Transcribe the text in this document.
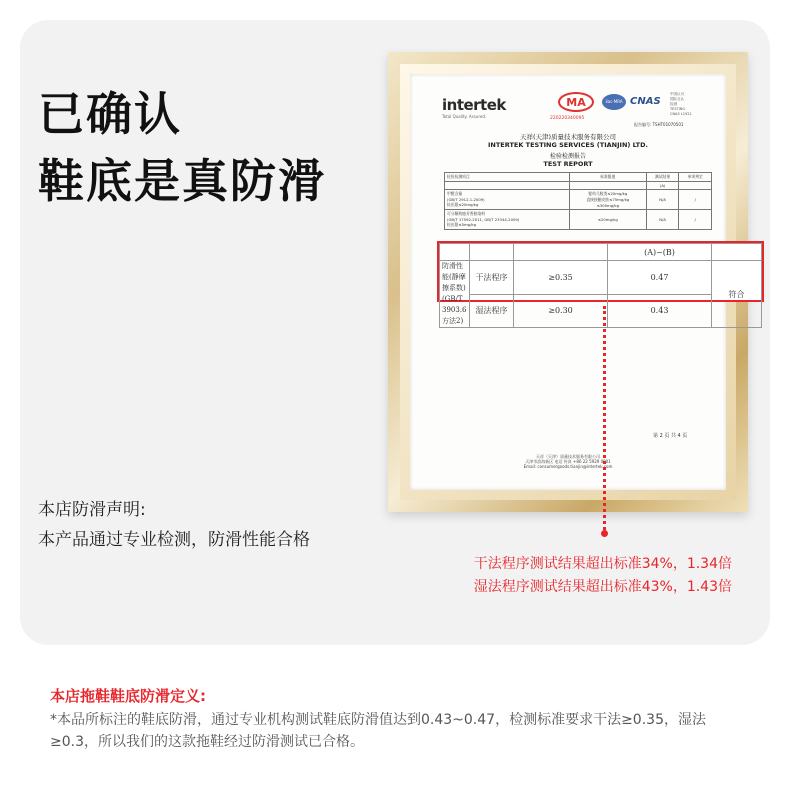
已确认
鞋底是真防滑
intertek
Total Quality. Assured.
MA
220220340095
ilac-MRA CNAS
中国认可
国际互认
检测
TESTING
CNAS L1921
报告编号: TSHT01070501
天祥(天津)质量技术服务有限公司
INTERTEK TESTING SERVICES (TIANJIN) LTD.
检验检测报告
TEST REPORT
检验检测项目	标准限值	测试结果	单项判定
		(A)	
甲醛含量
(GB/T 2912.1-2009)
检出限≤20mg/kg	婴幼儿鞋类≤20mg/kg
直接接触皮肤≤75mg/kg
≤300mg/kg	N/A	/
可分解致癌芳香胺染料
(GB/T 17592-2011, GB/T 23344-2009)
检出限≤5mg/kg	≤20mg/kg	N/A	/
第 2 页 共 4 页
天祥（天津）质量技术服务有限公司
天津市滨海新区 电话 传真 +86 22 5929 0001
Email: consumergoods.tianjin@intertek.com
			(A)~(B)	
防滑性能(静摩擦系数)
(GB/T 3903.6 方法2)	干法程序	≥0.35	0.47	符合
	湿法程序	≥0.30	0.43	
干法程序测试结果超出标准34%，1.34倍
湿法程序测试结果超出标准43%，1.43倍
本店防滑声明:
本产品通过专业检测，防滑性能合格
本店拖鞋鞋底防滑定义:
*本品所标注的鞋底防滑，通过专业机构测试鞋底防滑值达到0.43~0.47，检测标准要求干法≥0.35，湿法≥0.3，所以我们的这款拖鞋经过防滑测试已合格。
